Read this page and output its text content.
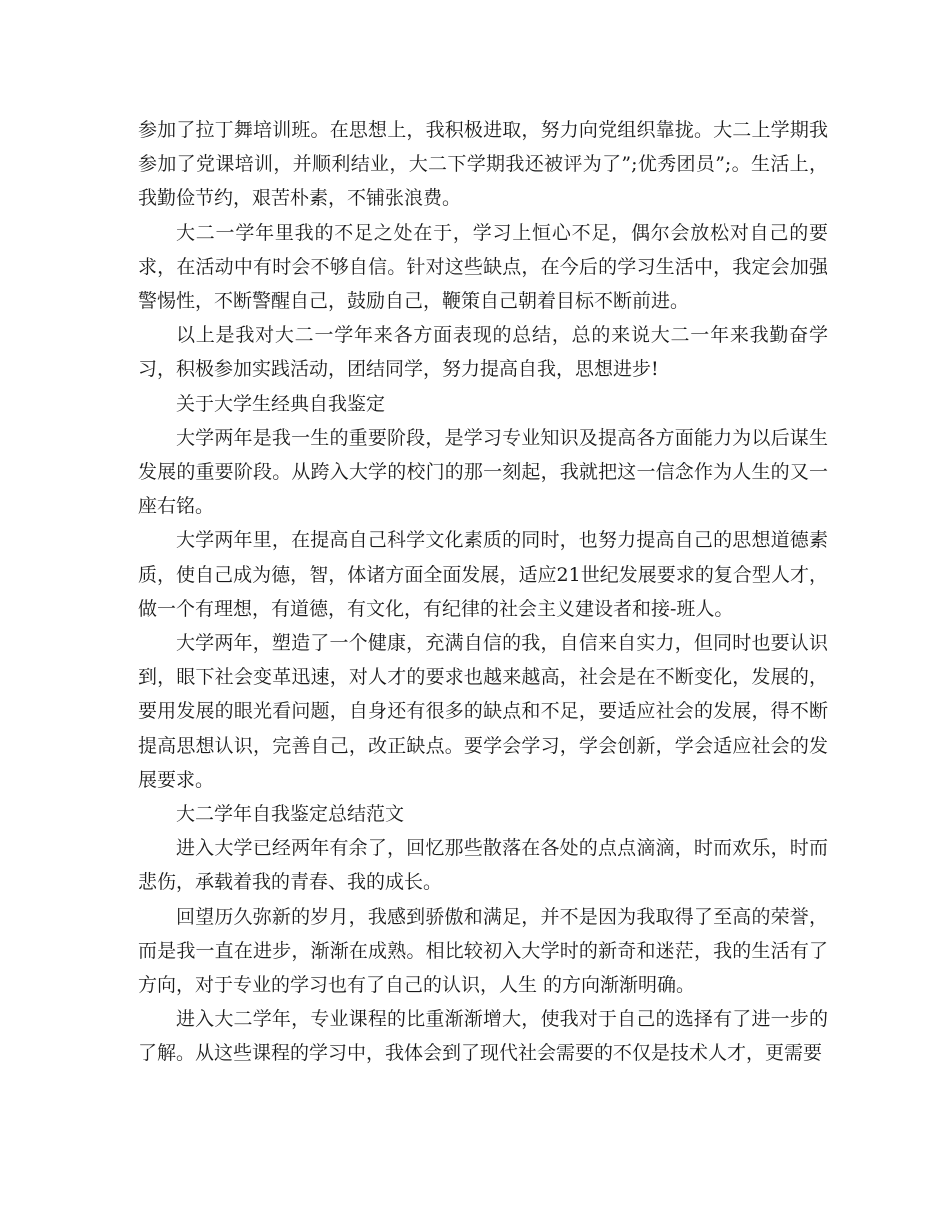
参加了拉丁舞培训班。在思想上，我积极进取，努力向党组织靠拢。大二上学期我参加了党课培训，并顺利结业，大二下学期我还被评为了”;优秀团员”;。生活上，我勤俭节约，艰苦朴素，不铺张浪费。

大二一学年里我的不足之处在于，学习上恒心不足，偶尔会放松对自己的要求，在活动中有时会不够自信。针对这些缺点，在今后的学习生活中，我定会加强警惕性，不断警醒自己，鼓励自己，鞭策自己朝着目标不断前进。

以上是我对大二一学年来各方面表现的总结，总的来说大二一年来我勤奋学习，积极参加实践活动，团结同学，努力提高自我，思想进步!

关于大学生经典自我鉴定

大学两年是我一生的重要阶段，是学习专业知识及提高各方面能力为以后谋生发展的重要阶段。从跨入大学的校门的那一刻起，我就把这一信念作为人生的又一座右铭。

大学两年里，在提高自己科学文化素质的同时，也努力提高自己的思想道德素质，使自己成为德，智，体诸方面全面发展，适应21世纪发展要求的复合型人才，做一个有理想，有道德，有文化，有纪律的社会主义建设者和接-班人。

大学两年，塑造了一个健康，充满自信的我，自信来自实力，但同时也要认识到，眼下社会变革迅速，对人才的要求也越来越高，社会是在不断变化，发展的，要用发展的眼光看问题，自身还有很多的缺点和不足，要适应社会的发展，得不断提高思想认识，完善自己，改正缺点。要学会学习，学会创新，学会适应社会的发展要求。

大二学年自我鉴定总结范文

进入大学已经两年有余了，回忆那些散落在各处的点点滴滴，时而欢乐，时而悲伤，承载着我的青春、我的成长。

回望历久弥新的岁月，我感到骄傲和满足，并不是因为我取得了至高的荣誉，而是我一直在进步，渐渐在成熟。相比较初入大学时的新奇和迷茫，我的生活有了方向，对于专业的学习也有了自己的认识，人生 的方向渐渐明确。

进入大二学年，专业课程的比重渐渐增大，使我对于自己的选择有了进一步的了解。从这些课程的学习中，我体会到了现代社会需要的不仅是技术人才，更需要
